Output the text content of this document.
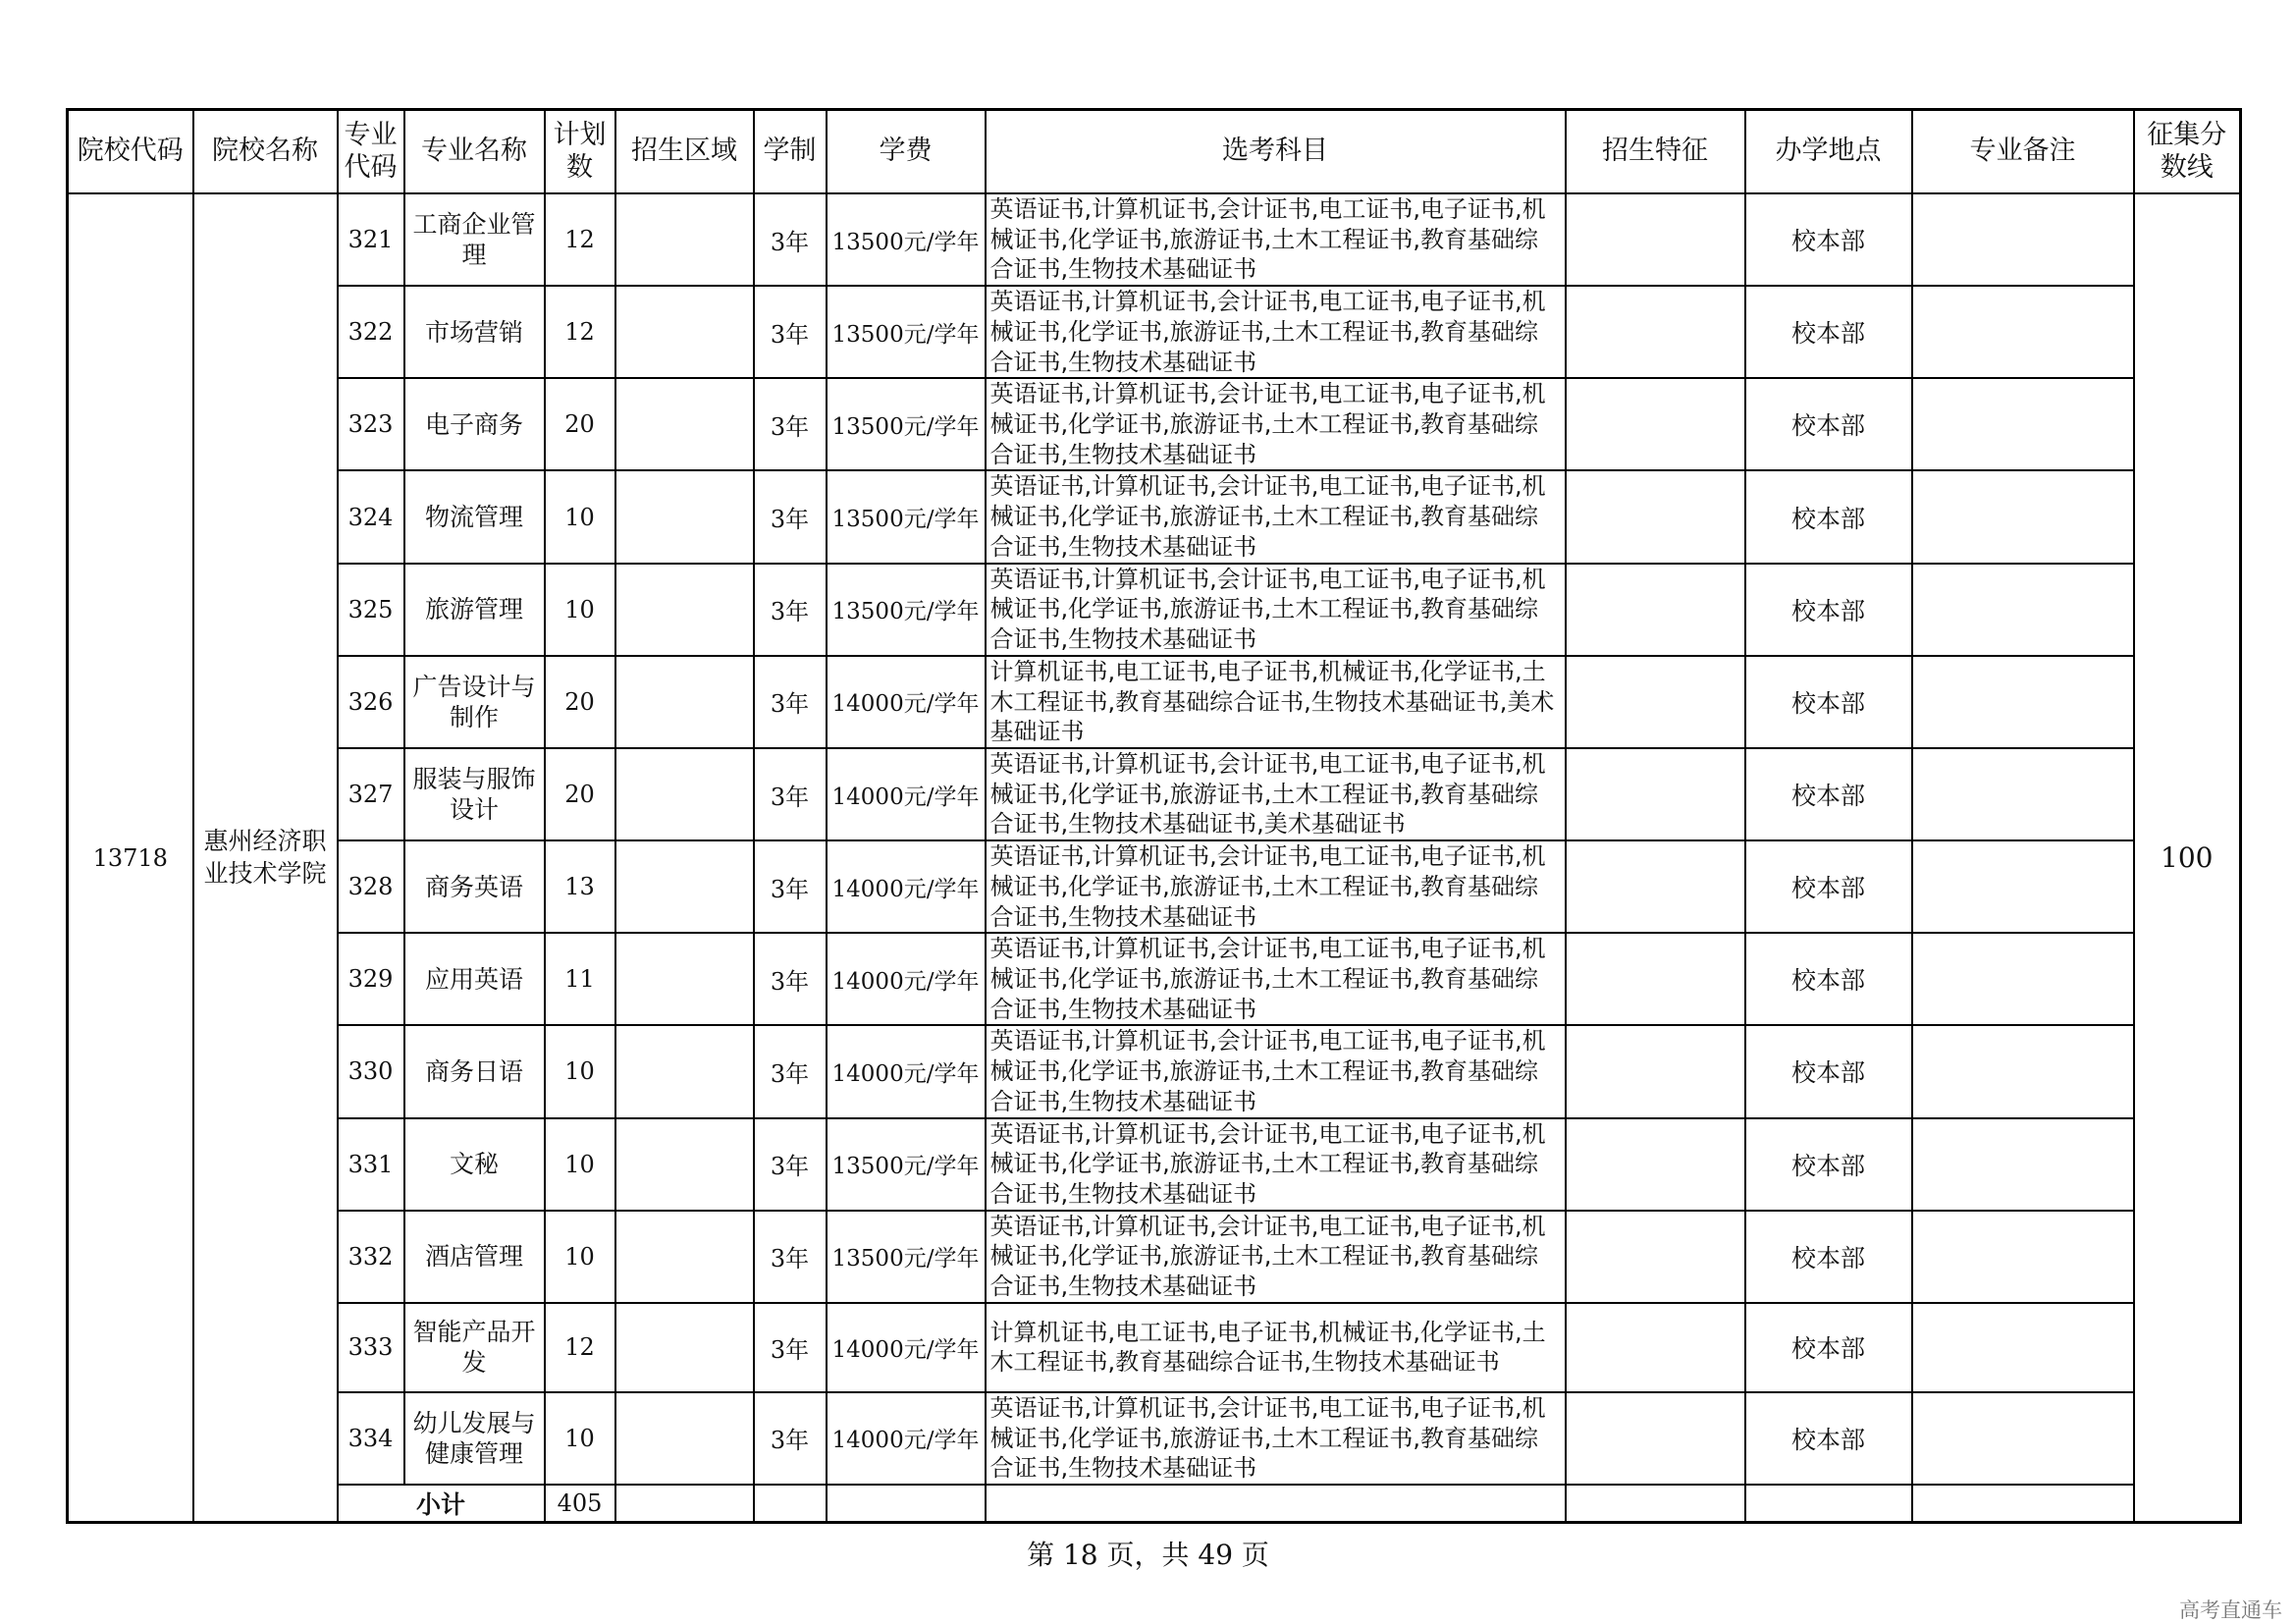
院校代码	院校名称	专业代码	专业名称	计划数	招生区域	学制	学费	选考科目	招生特征	办学地点	专业备注	征集分数线
13718	惠州经济职业技术学院	321	工商企业管理	12		3年	13500元/学年	英语证书,计算机证书,会计证书,电工证书,电子证书,机械证书,化学证书,旅游证书,土木工程证书,教育基础综合证书,生物技术基础证书		校本部		100
		322	市场营销	12		3年	13500元/学年	英语证书,计算机证书,会计证书,电工证书,电子证书,机械证书,化学证书,旅游证书,土木工程证书,教育基础综合证书,生物技术基础证书		校本部		
		323	电子商务	20		3年	13500元/学年	英语证书,计算机证书,会计证书,电工证书,电子证书,机械证书,化学证书,旅游证书,土木工程证书,教育基础综合证书,生物技术基础证书		校本部		
		324	物流管理	10		3年	13500元/学年	英语证书,计算机证书,会计证书,电工证书,电子证书,机械证书,化学证书,旅游证书,土木工程证书,教育基础综合证书,生物技术基础证书		校本部		
		325	旅游管理	10		3年	13500元/学年	英语证书,计算机证书,会计证书,电工证书,电子证书,机械证书,化学证书,旅游证书,土木工程证书,教育基础综合证书,生物技术基础证书		校本部		
		326	广告设计与制作	20		3年	14000元/学年	计算机证书,电工证书,电子证书,机械证书,化学证书,土木工程证书,教育基础综合证书,生物技术基础证书,美术基础证书		校本部		
		327	服装与服饰设计	20		3年	14000元/学年	英语证书,计算机证书,会计证书,电工证书,电子证书,机械证书,化学证书,旅游证书,土木工程证书,教育基础综合证书,生物技术基础证书,美术基础证书		校本部		
		328	商务英语	13		3年	14000元/学年	英语证书,计算机证书,会计证书,电工证书,电子证书,机械证书,化学证书,旅游证书,土木工程证书,教育基础综合证书,生物技术基础证书		校本部		
		329	应用英语	11		3年	14000元/学年	英语证书,计算机证书,会计证书,电工证书,电子证书,机械证书,化学证书,旅游证书,土木工程证书,教育基础综合证书,生物技术基础证书		校本部		
		330	商务日语	10		3年	14000元/学年	英语证书,计算机证书,会计证书,电工证书,电子证书,机械证书,化学证书,旅游证书,土木工程证书,教育基础综合证书,生物技术基础证书		校本部		
		331	文秘	10		3年	13500元/学年	英语证书,计算机证书,会计证书,电工证书,电子证书,机械证书,化学证书,旅游证书,土木工程证书,教育基础综合证书,生物技术基础证书		校本部		
		332	酒店管理	10		3年	13500元/学年	英语证书,计算机证书,会计证书,电工证书,电子证书,机械证书,化学证书,旅游证书,土木工程证书,教育基础综合证书,生物技术基础证书		校本部		
		333	智能产品开发	12		3年	14000元/学年	计算机证书,电工证书,电子证书,机械证书,化学证书,土木工程证书,教育基础综合证书,生物技术基础证书		校本部		
		334	幼儿发展与健康管理	10		3年	14000元/学年	英语证书,计算机证书,会计证书,电工证书,电子证书,机械证书,化学证书,旅游证书,土木工程证书,教育基础综合证书,生物技术基础证书		校本部		
		小计		405								
第 18 页，共 49 页
高考直通车
